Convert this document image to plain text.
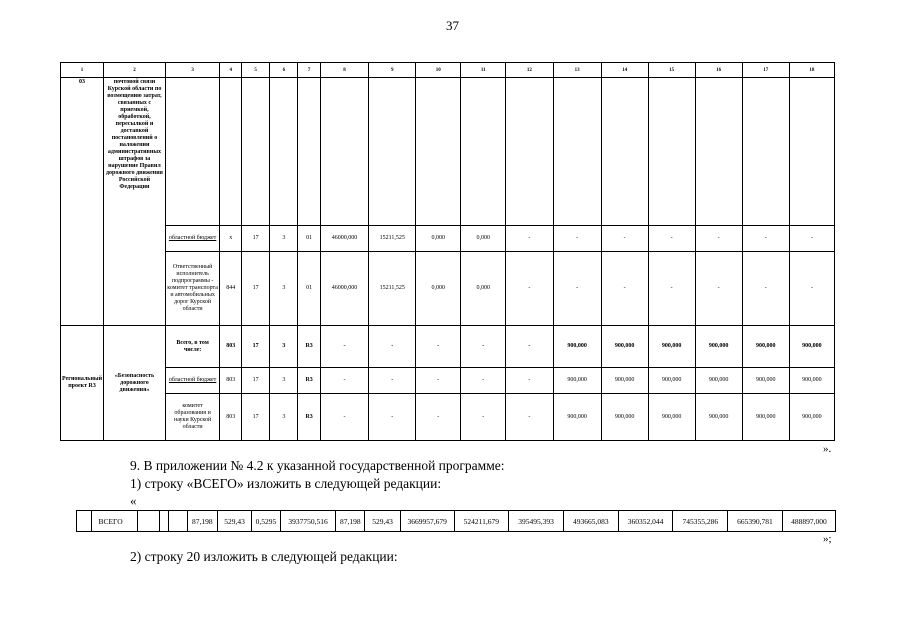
37
1	2	3	4	5	6	7	8	9	10	11	12	13	14	15	16	17	18
03	почтовой связи Курской области по возмещению затрат, связанных с приемкой, обработкой, пересылкой и доставкой постановлений о наложении административных штрафов за нарушение Правил дорожного движения Российской Федерации																
		областной бюджет	x	17	3	01	46000,000	15211,525	0,000	0,000	-	-	-	-	-	-	-
		Ответственный исполнитель подпрограммы - комитет транспорта и автомобильных дорог Курской области	844	17	3	01	46000,000	15211,525	0,000	0,000	-	-	-	-	-	-	-
Региональный проект R3	«Безопасность дорожного движения»	Всего, в том числе:	803	17	3	R3	-	-	-	-	-	900,000	900,000	900,000	900,000	900,000	900,000
		областной бюджет	803	17	3	R3	-	-	-	-	-	900,000	900,000	900,000	900,000	900,000	900,000
		комитет образования и науки Курской области	803	17	3	R3	-	-	-	-	-	900,000	900,000	900,000	900,000	900,000	900,000
».
9. В приложении № 4.2 к указанной государственной программе:
1) строку «ВСЕГО» изложить в следующей редакции:
«
	ВСЕГО				87,198	529,43	0,5295	3937750,516	87,198	529,43	3669957,679	524211,679	395495,393	493665,083	360352,044	745355,286	665390,781	488897,000
»;
2) строку 20 изложить в следующей редакции:
